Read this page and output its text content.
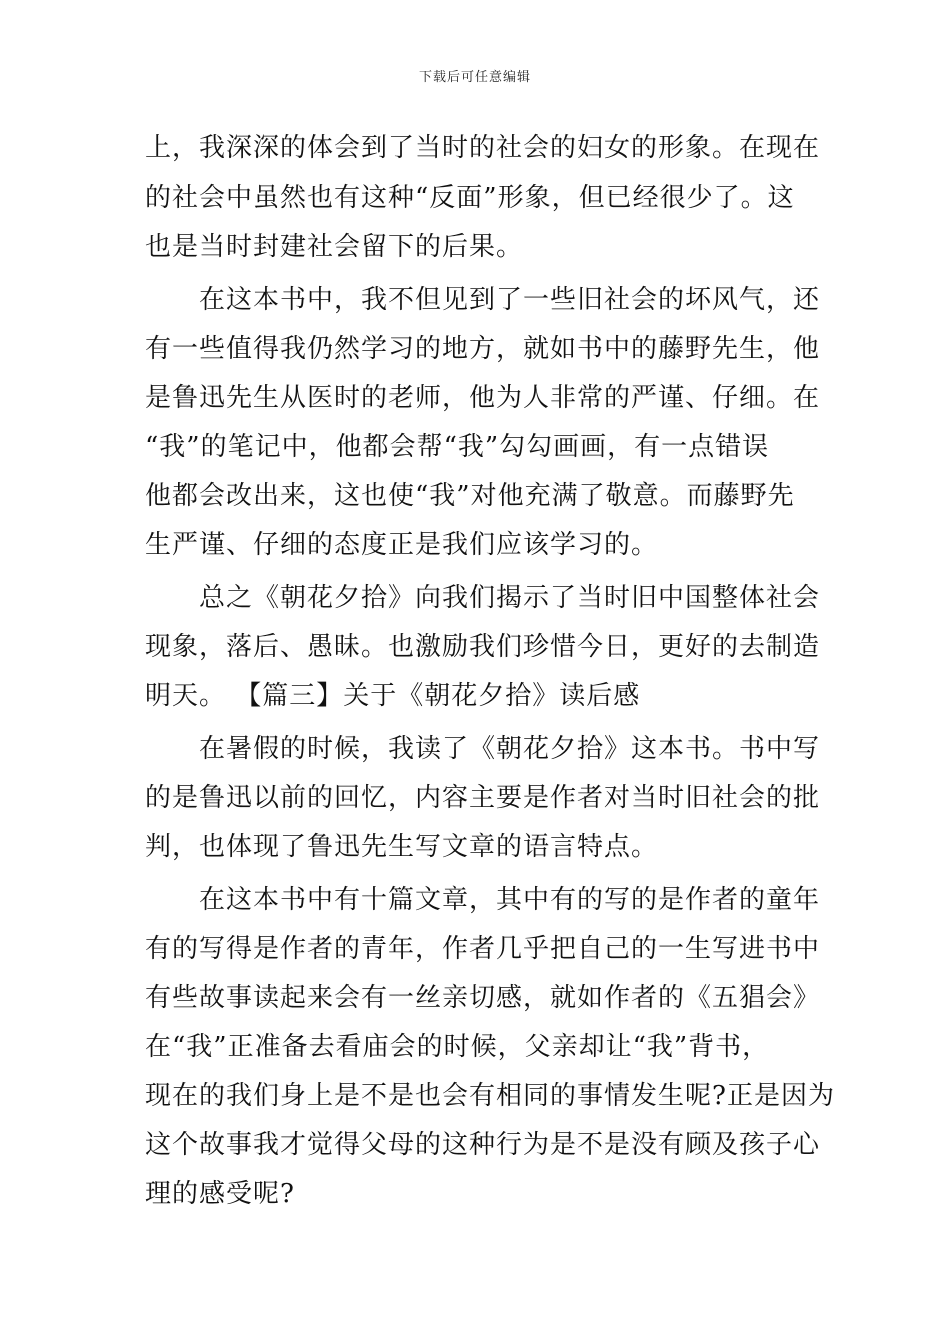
下载后可任意编辑
上，我深深的体会到了当时的社会的妇女的形象。在现在
的社会中虽然也有这种“反面”形象，但已经很少了。这
也是当时封建社会留下的后果。
　　在这本书中，我不但见到了一些旧社会的坏风气，还
有一些值得我仍然学习的地方，就如书中的藤野先生，他
是鲁迅先生从医时的老师，他为人非常的严谨、仔细。在
“我”的笔记中，他都会帮“我”勾勾画画，有一点错误
他都会改出来，这也使“我”对他充满了敬意。而藤野先
生严谨、仔细的态度正是我们应该学习的。
　　总之《朝花夕拾》向我们揭示了当时旧中国整体社会
现象，落后、愚昧。也激励我们珍惜今日，更好的去制造
明天。 【篇三】关于《朝花夕拾》读后感
　　在暑假的时候，我读了《朝花夕拾》这本书。书中写
的是鲁迅以前的回忆，内容主要是作者对当时旧社会的批
判，也体现了鲁迅先生写文章的语言特点。
　　在这本书中有十篇文章，其中有的写的是作者的童年
有的写得是作者的青年，作者几乎把自己的一生写进书中
有些故事读起来会有一丝亲切感，就如作者的《五猖会》
在“我”正准备去看庙会的时候，父亲却让“我”背书，
现在的我们身上是不是也会有相同的事情发生呢?正是因为
这个故事我才觉得父母的这种行为是不是没有顾及孩子心
理的感受呢?
